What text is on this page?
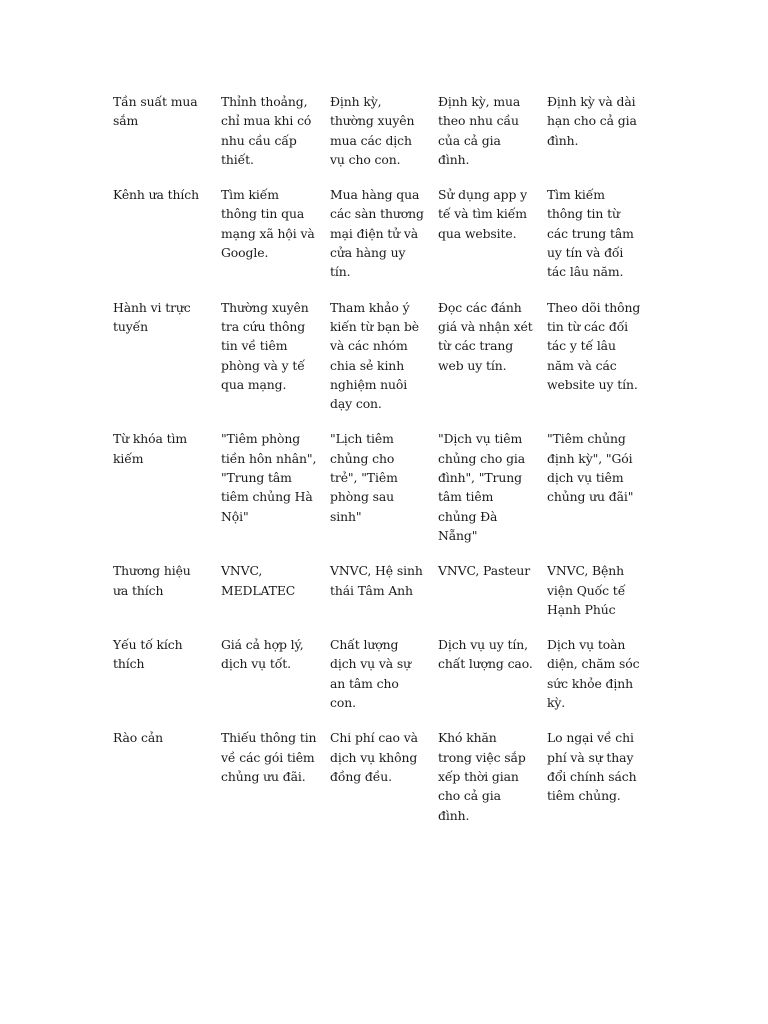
Tần suất mua sắm	Thỉnh thoảng, chỉ mua khi có nhu cầu cấp thiết.	Định kỳ, thường xuyên mua các dịch vụ cho con.	Định kỳ, mua theo nhu cầu của cả gia đình.	Định kỳ và dài hạn cho cả gia đình.
Kênh ưa thích	Tìm kiếm thông tin qua mạng xã hội và Google.	Mua hàng qua các sàn thương mại điện tử và cửa hàng uy tín.	Sử dụng app y tế và tìm kiếm qua website.	Tìm kiếm thông tin từ các trung tâm uy tín và đối tác lâu năm.
Hành vi trực tuyến	Thường xuyên tra cứu thông tin về tiêm phòng và y tế qua mạng.	Tham khảo ý kiến từ bạn bè và các nhóm chia sẻ kinh nghiệm nuôi dạy con.	Đọc các đánh giá và nhận xét từ các trang web uy tín.	Theo dõi thông tin từ các đối tác y tế lâu năm và các website uy tín.
Từ khóa tìm kiếm	"Tiêm phòng tiền hôn nhân", "Trung tâm tiêm chủng Hà Nội"	"Lịch tiêm chủng cho trẻ", "Tiêm phòng sau sinh"	"Dịch vụ tiêm chủng cho gia đình", "Trung tâm tiêm chủng Đà Nẵng"	"Tiêm chủng định kỳ", "Gói dịch vụ tiêm chủng ưu đãi"
Thương hiệu ưa thích	VNVC, MEDLATEC	VNVC, Hệ sinh thái Tâm Anh	VNVC, Pasteur	VNVC, Bệnh viện Quốc tế Hạnh Phúc
Yếu tố kích thích	Giá cả hợp lý, dịch vụ tốt.	Chất lượng dịch vụ và sự an tâm cho con.	Dịch vụ uy tín, chất lượng cao.	Dịch vụ toàn diện, chăm sóc sức khỏe định kỳ.
Rào cản	Thiếu thông tin về các gói tiêm chủng ưu đãi.	Chi phí cao và dịch vụ không đồng đều.	Khó khăn trong việc sắp xếp thời gian cho cả gia đình.	Lo ngại về chi phí và sự thay đổi chính sách tiêm chủng.
